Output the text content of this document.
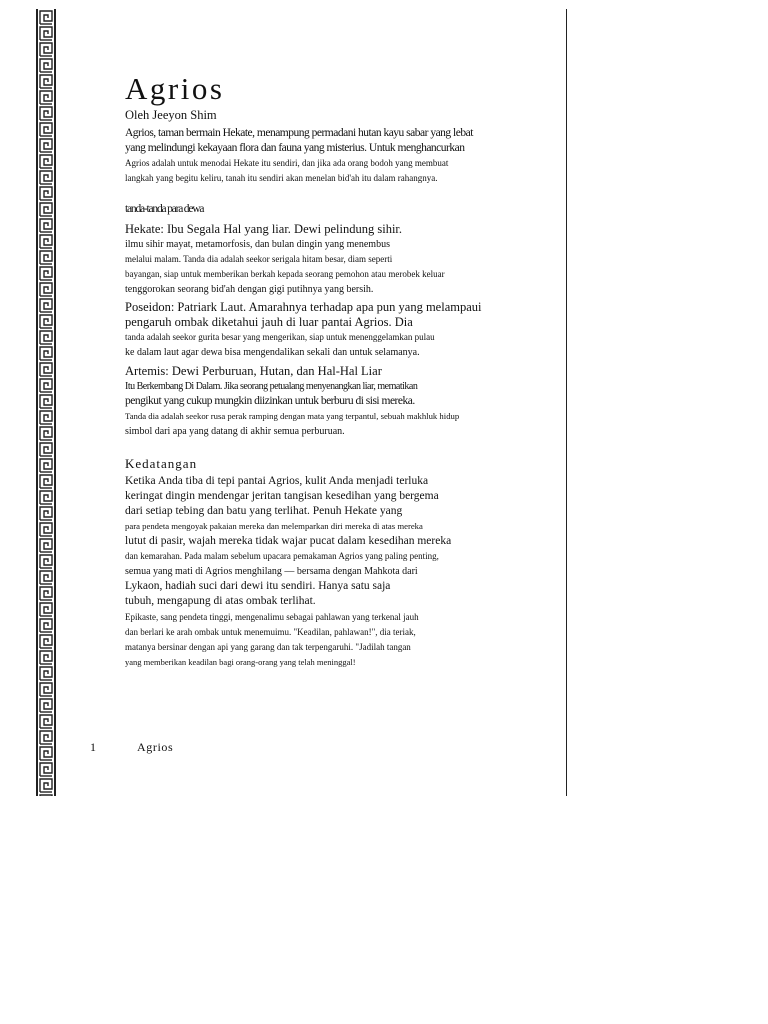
Agrios
Oleh Jeeyon Shim
Agrios, taman bermain Hekate, menampung permadani hutan kayu sabar yang lebat
yang melindungi kekayaan flora dan fauna yang misterius. Untuk menghancurkan
Agrios adalah untuk menodai Hekate itu sendiri, dan jika ada orang bodoh yang membuat
langkah yang begitu keliru, tanah itu sendiri akan menelan bid'ah itu dalam rahangnya.
tanda-tanda para dewa
Hekate: Ibu Segala Hal yang liar. Dewi pelindung sihir.
ilmu sihir mayat, metamorfosis, dan bulan dingin yang menembus
melalui malam. Tanda dia adalah seekor serigala hitam besar, diam seperti
bayangan, siap untuk memberikan berkah kepada seorang pemohon atau merobek keluar
tenggorokan seorang bid'ah dengan gigi putihnya yang bersih.
Poseidon: Patriark Laut. Amarahnya terhadap apa pun yang melampaui
pengaruh ombak diketahui jauh di luar pantai Agrios. Dia
tanda adalah seekor gurita besar yang mengerikan, siap untuk menenggelamkan pulau
ke dalam laut agar dewa bisa mengendalikan sekali dan untuk selamanya.
Artemis: Dewi Perburuan, Hutan, dan Hal-Hal Liar
Itu Berkembang Di Dalam. Jika seorang petualang menyenangkan liar, mematikan
pengikut yang cukup mungkin diizinkan untuk berburu di sisi mereka.
Tanda dia adalah seekor rusa perak ramping dengan mata yang terpantul, sebuah makhluk hidup
simbol dari apa yang datang di akhir semua perburuan.
Kedatangan
Ketika Anda tiba di tepi pantai Agrios, kulit Anda menjadi terluka
keringat dingin mendengar jeritan tangisan kesedihan yang bergema
dari setiap tebing dan batu yang terlihat. Penuh Hekate yang
para pendeta mengoyak pakaian mereka dan melemparkan diri mereka di atas mereka
lutut di pasir, wajah mereka tidak wajar pucat dalam kesedihan mereka
dan kemarahan. Pada malam sebelum upacara pemakaman Agrios yang paling penting,
semua yang mati di Agrios menghilang — bersama dengan Mahkota dari
Lykaon, hadiah suci dari dewi itu sendiri. Hanya satu saja
tubuh, mengapung di atas ombak terlihat.
Epikaste, sang pendeta tinggi, mengenalimu sebagai pahlawan yang terkenal jauh
dan berlari ke arah ombak untuk menemuimu. "Keadilan, pahlawan!", dia teriak,
matanya bersinar dengan api yang garang dan tak terpengaruhi. "Jadilah tangan
yang memberikan keadilan bagi orang-orang yang telah meninggal!
1	Agrios
